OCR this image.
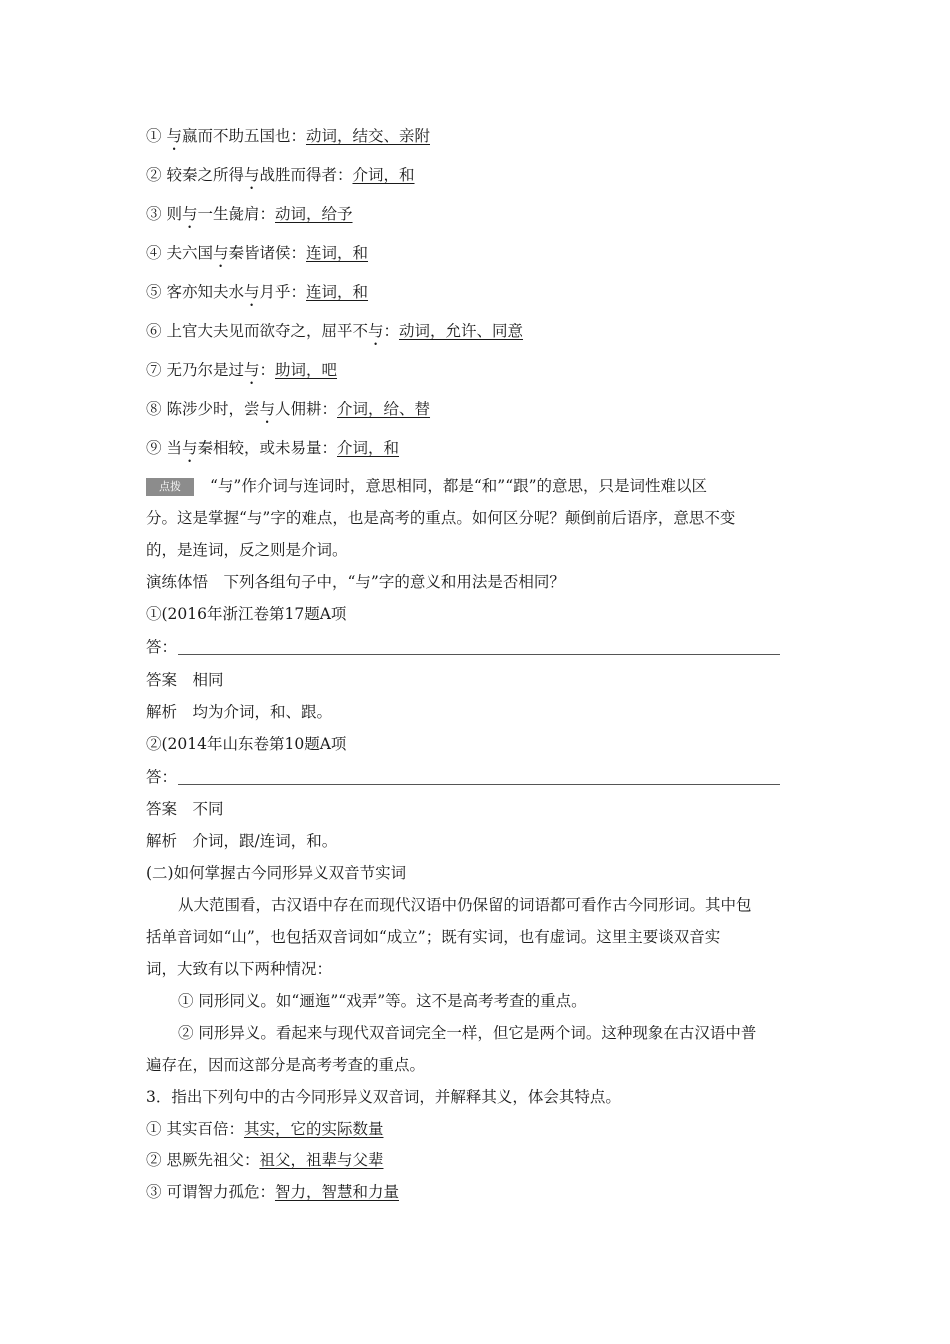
① 与嬴而不助五国也：动词，结交、亲附
② 较秦之所得与战胜而得者：介词，和
③ 则与一生彘肩：动词，给予
④ 夫六国与秦皆诸侯：连词，和
⑤ 客亦知夫水与月乎：连词，和
⑥ 上官大夫见而欲夺之，屈平不与：动词，允许、同意
⑦ 无乃尔是过与：助词，吧
⑧ 陈涉少时，尝与人佣耕：介词，给、替
⑨ 当与秦相较，或未易量：介词，和
点拨 “与”作介词与连词时，意思相同，都是“和”“跟”的意思，只是词性难以区
分。这是掌握“与”字的难点，也是高考的重点。如何区分呢？颠倒前后语序，意思不变
的，是连词，反之则是介词。
演练体悟　下列各组句子中，“与”字的意义和用法是否相同？
①(2016年浙江卷第17题A项
答：
答案　相同
解析　均为介词，和、跟。
②(2014年山东卷第10题A项
答：
答案　不同
解析　介词，跟/连词，和。
(二)如何掌握古今同形异义双音节实词
从大范围看，古汉语中存在而现代汉语中仍保留的词语都可看作古今同形词。其中包
括单音词如“山”，也包括双音词如“成立”；既有实词，也有虚词。这里主要谈双音实
词，大致有以下两种情况：
① 同形同义。如“逦迤”“戏弄”等。这不是高考考查的重点。
② 同形异义。看起来与现代双音词完全一样，但它是两个词。这种现象在古汉语中普
遍存在，因而这部分是高考考查的重点。
3．指出下列句中的古今同形异义双音词，并解释其义，体会其特点。
① 其实百倍：其实，它的实际数量
② 思厥先祖父：祖父，祖辈与父辈
③ 可谓智力孤危：智力，智慧和力量
